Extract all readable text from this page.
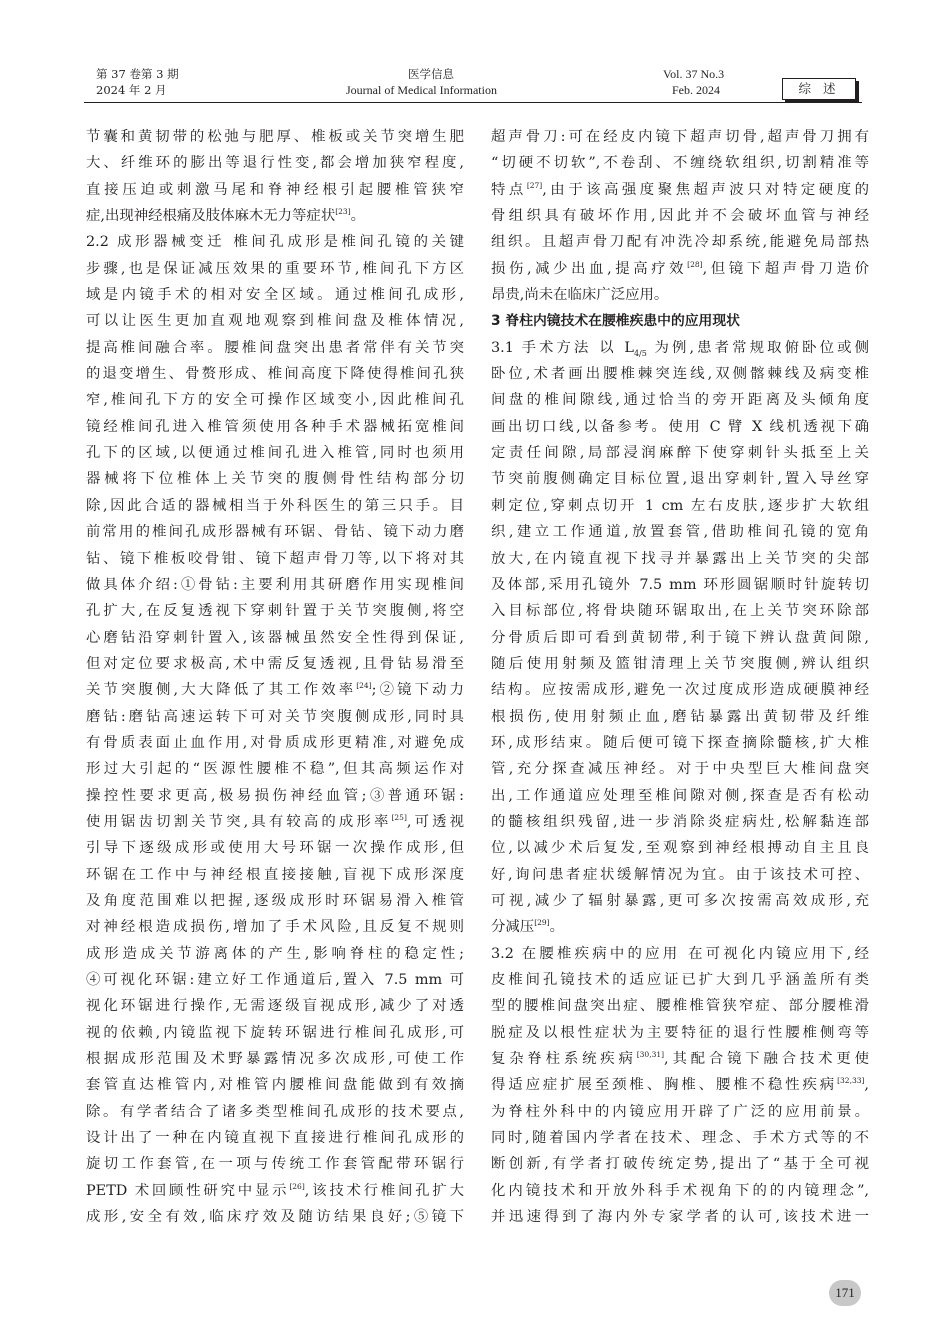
第 37 卷第 3 期
2024 年 2 月
医学信息
Journal of Medical Information
Vol. 37 No.3
Feb. 2024	综 述
节囊和黄韧带的松弛与肥厚、椎板或关节突增生肥
大、纤维环的膨出等退行性变,都会增加狭窄程度,
直接压迫或刺激马尾和脊神经根引起腰椎管狭窄
症,出现神经根痛及肢体麻木无力等症状[23]。
2.2 成形器械变迁 椎间孔成形是椎间孔镜的关键
步骤,也是保证减压效果的重要环节,椎间孔下方区
域是内镜手术的相对安全区域。通过椎间孔成形,
可以让医生更加直观地观察到椎间盘及椎体情况,
提高椎间融合率。腰椎间盘突出患者常伴有关节突
的退变增生、骨赘形成、椎间高度下降使得椎间孔狭
窄,椎间孔下方的安全可操作区域变小,因此椎间孔
镜经椎间孔进入椎管须使用各种手术器械拓宽椎间
孔下的区域,以便通过椎间孔进入椎管,同时也须用
器械将下位椎体上关节突的腹侧骨性结构部分切
除,因此合适的器械相当于外科医生的第三只手。目
前常用的椎间孔成形器械有环锯、骨钻、镜下动力磨
钻、镜下椎板咬骨钳、镜下超声骨刀等,以下将对其
做具体介绍:①骨钻:主要利用其研磨作用实现椎间
孔扩大,在反复透视下穿刺针置于关节突腹侧,将空
心磨钻沿穿刺针置入,该器械虽然安全性得到保证,
但对定位要求极高,术中需反复透视,且骨钻易滑至
关节突腹侧,大大降低了其工作效率[24];②镜下动力
磨钻:磨钻高速运转下可对关节突腹侧成形,同时具
有骨质表面止血作用,对骨质成形更精准,对避免成
形过大引起的“医源性腰椎不稳”,但其高频运作对
操控性要求更高,极易损伤神经血管;③普通环锯:
使用锯齿切割关节突,具有较高的成形率[25],可透视
引导下逐级成形或使用大号环锯一次操作成形,但
环锯在工作中与神经根直接接触,盲视下成形深度
及角度范围难以把握,逐级成形时环锯易滑入椎管
对神经根造成损伤,增加了手术风险,且反复不规则
成形造成关节游离体的产生,影响脊柱的稳定性;
④可视化环锯:建立好工作通道后,置入 7.5 mm 可
视化环锯进行操作,无需逐级盲视成形,减少了对透
视的依赖,内镜监视下旋转环锯进行椎间孔成形,可
根据成形范围及术野暴露情况多次成形,可使工作
套管直达椎管内,对椎管内腰椎间盘能做到有效摘
除。有学者结合了诸多类型椎间孔成形的技术要点,
设计出了一种在内镜直视下直接进行椎间孔成形的
旋切工作套管,在一项与传统工作套管配带环锯行
PETD 术回顾性研究中显示[26],该技术行椎间孔扩大
成形,安全有效,临床疗效及随访结果良好;⑤镜下
超声骨刀:可在经皮内镜下超声切骨,超声骨刀拥有
“切硬不切软”,不卷刮、不缠绕软组织,切割精准等
特点[27],由于该高强度聚焦超声波只对特定硬度的
骨组织具有破坏作用,因此并不会破坏血管与神经
组织。且超声骨刀配有冲洗冷却系统,能避免局部热
损伤,减少出血,提高疗效[28],但镜下超声骨刀造价
昂贵,尚未在临床广泛应用。
3 脊柱内镜技术在腰椎疾患中的应用现状
3.1 手术方法 以 $L_{4/5}$ 为例,患者常规取俯卧位或侧
卧位,术者画出腰椎棘突连线,双侧髂棘线及病变椎
间盘的椎间隙线,通过恰当的旁开距离及头倾角度
画出切口线,以备参考。使用 C 臂 X 线机透视下确
定责任间隙,局部浸润麻醉下使穿刺针头抵至上关
节突前腹侧确定目标位置,退出穿刺针,置入导丝穿
刺定位,穿刺点切开 1 cm 左右皮肤,逐步扩大软组
织,建立工作通道,放置套管,借助椎间孔镜的宽角
放大,在内镜直视下找寻并暴露出上关节突的尖部
及体部,采用孔镜外 7.5 mm 环形圆锯顺时针旋转切
入目标部位,将骨块随环锯取出,在上关节突环除部
分骨质后即可看到黄韧带,利于镜下辨认盘黄间隙,
随后使用射频及篮钳清理上关节突腹侧,辨认组织
结构。应按需成形,避免一次过度成形造成硬膜神经
根损伤,使用射频止血,磨钻暴露出黄韧带及纤维
环,成形结束。随后便可镜下探查摘除髓核,扩大椎
管,充分探查减压神经。对于中央型巨大椎间盘突
出,工作通道应处理至椎间隙对侧,探查是否有松动
的髓核组织残留,进一步消除炎症病灶,松解黏连部
位,以减少术后复发,至观察到神经根搏动自主且良
好,询问患者症状缓解情况为宜。由于该技术可控、
可视,减少了辐射暴露,更可多次按需高效成形,充
分减压[29]。
3.2 在腰椎疾病中的应用 在可视化内镜应用下,经
皮椎间孔镜技术的适应证已扩大到几乎涵盖所有类
型的腰椎间盘突出症、腰椎椎管狭窄症、部分腰椎滑
脱症及以根性症状为主要特征的退行性腰椎侧弯等
复杂脊柱系统疾病[30,31],其配合镜下融合技术更使
得适应症扩展至颈椎、胸椎、腰椎不稳性疾病[32,33],
为脊柱外科中的内镜应用开辟了广泛的应用前景。
同时,随着国内学者在技术、理念、手术方式等的不
断创新,有学者打破传统定势,提出了“基于全可视
化内镜技术和开放外科手术视角下的的内镜理念”,
并迅速得到了海内外专家学者的认可,该技术进一
171
